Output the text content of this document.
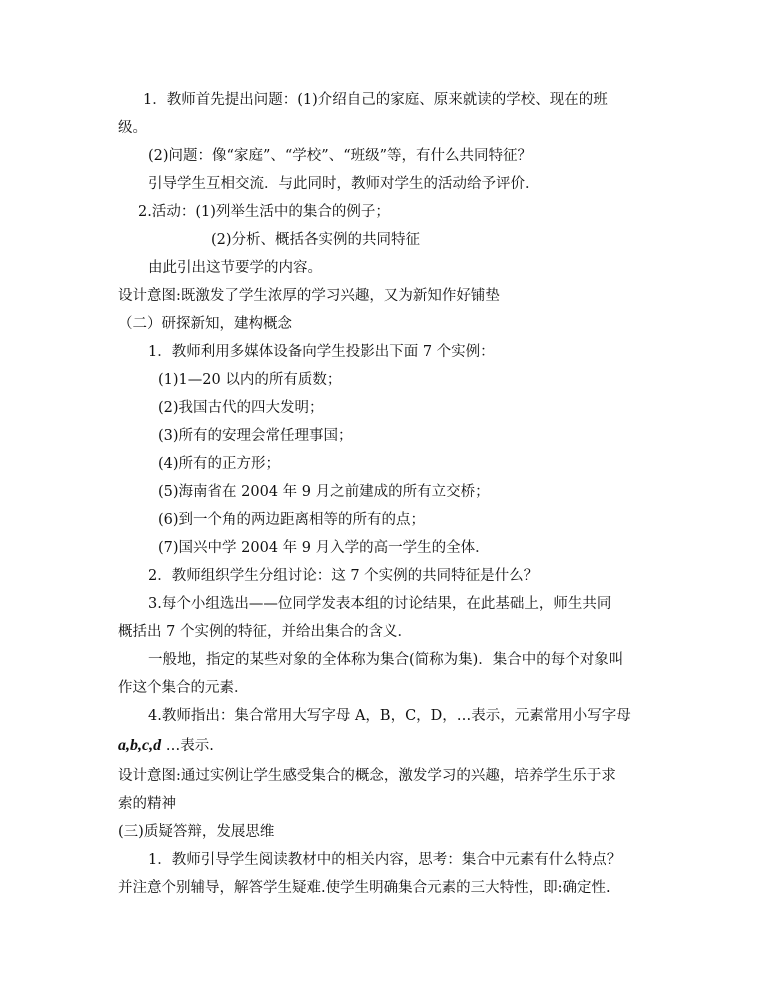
1．教师首先提出问题：(1)介绍自己的家庭、原来就读的学校、现在的班
级。
(2)问题：像“家庭”、“学校”、“班级”等，有什么共同特征？
引导学生互相交流．与此同时，教师对学生的活动给予评价．
2.活动：(1)列举生活中的集合的例子；
(2)分析、概括各实例的共同特征
由此引出这节要学的内容。
设计意图:既激发了学生浓厚的学习兴趣，又为新知作好铺垫
（二）研探新知，建构概念
1．教师利用多媒体设备向学生投影出下面 7 个实例：
(1)1—20 以内的所有质数；
(2)我国古代的四大发明；
(3)所有的安理会常任理事国；
(4)所有的正方形；
(5)海南省在 2004 年 9 月之前建成的所有立交桥；
(6)到一个角的两边距离相等的所有的点；
(7)国兴中学 2004 年 9 月入学的高一学生的全体．
2．教师组织学生分组讨论：这 7 个实例的共同特征是什么？
3.每个小组选出——位同学发表本组的讨论结果，在此基础上，师生共同
概括出 7 个实例的特征，并给出集合的含义．
一般地，指定的某些对象的全体称为集合(简称为集)．集合中的每个对象叫
作这个集合的元素．
4.教师指出：集合常用大写字母 A，B，C，D，…表示，元素常用小写字母
a,b,c,d …表示.
设计意图:通过实例让学生感受集合的概念，激发学习的兴趣，培养学生乐于求
索的精神
(三)质疑答辩，发展思维
1．教师引导学生阅读教材中的相关内容，思考：集合中元素有什么特点？
并注意个别辅导，解答学生疑难.使学生明确集合元素的三大特性，即:确定性.
